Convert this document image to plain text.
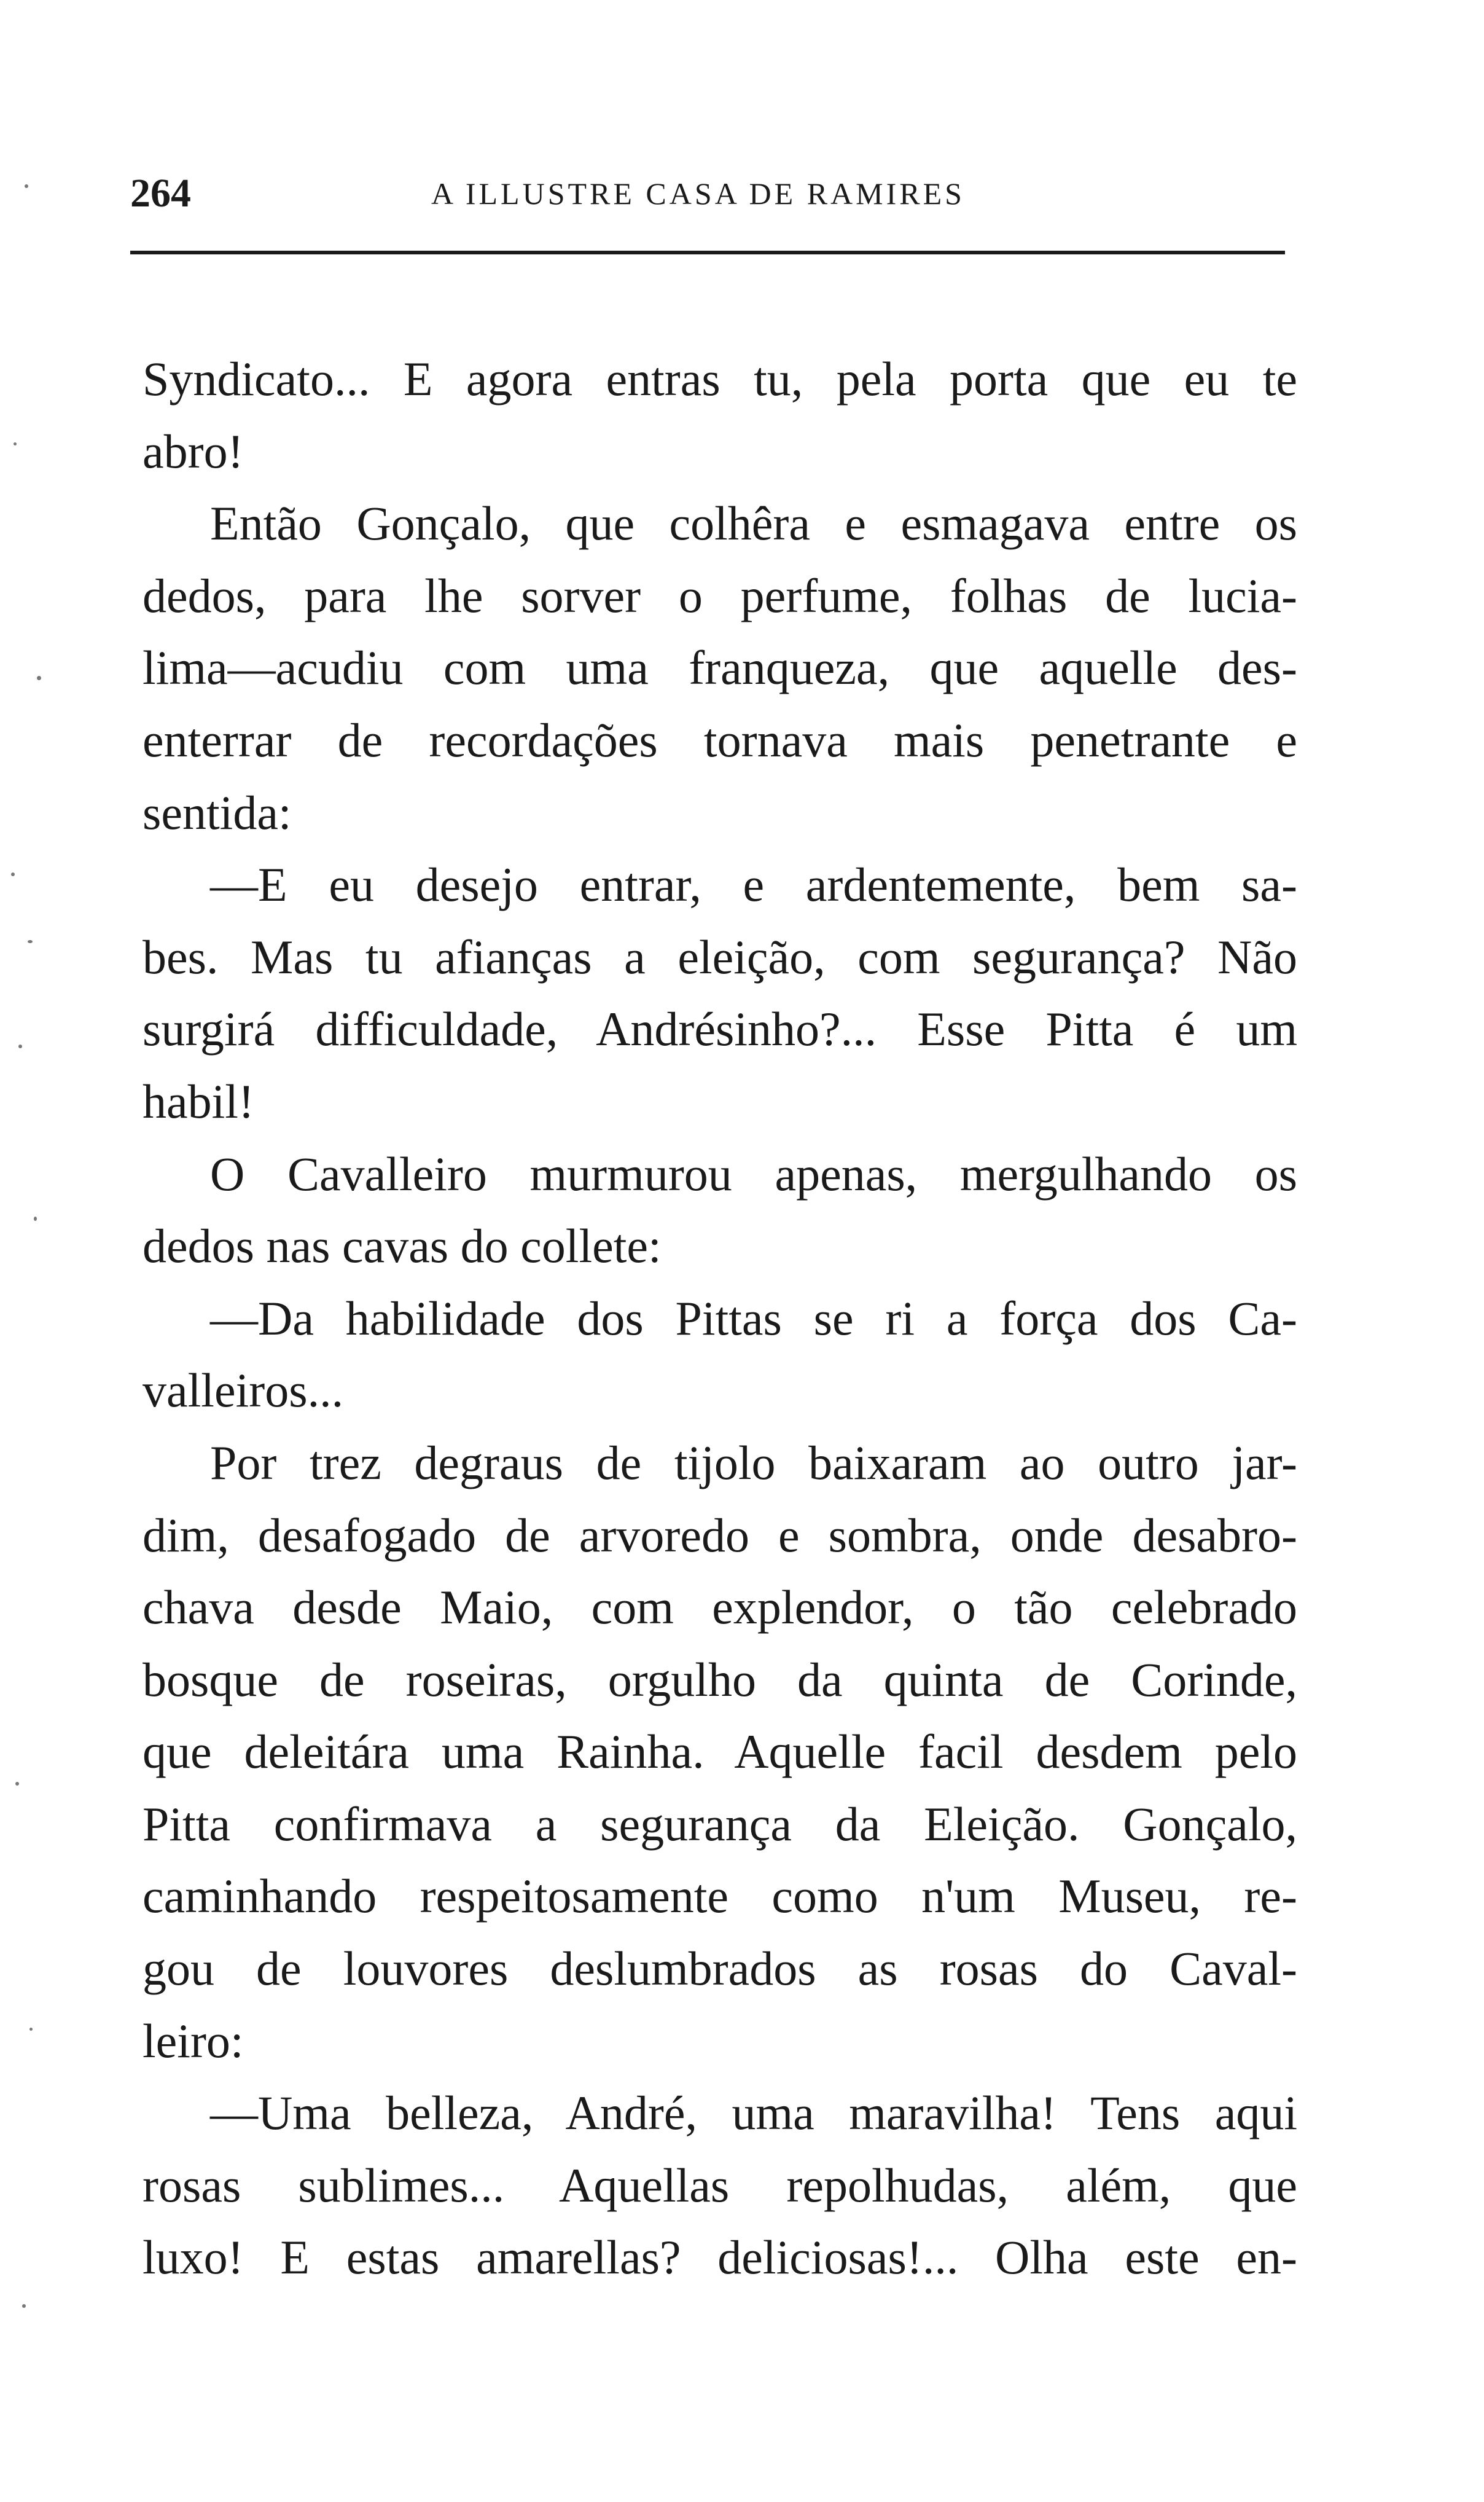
264	A ILLUSTRE CASA DE RAMIRES
Syndicato... E agora entras tu, pela porta que eu te
abro!
Então Gonçalo, que colhêra e esmagava entre os
dedos, para lhe sorver o perfume, folhas de lucia-
lima—acudiu com uma franqueza, que aquelle des-
enterrar de recordações tornava mais penetrante e
sentida:
—E eu desejo entrar, e ardentemente, bem sa-
bes. Mas tu afianças a eleição, com segurança? Não
surgirá difficuldade, Andrésinho?... Esse Pitta é um
habil!
O Cavalleiro murmurou apenas, mergulhando os
dedos nas cavas do collete:
—Da habilidade dos Pittas se ri a força dos Ca-
valleiros...
Por trez degraus de tijolo baixaram ao outro jar-
dim, desafogado de arvoredo e sombra, onde desabro-
chava desde Maio, com explendor, o tão celebrado
bosque de roseiras, orgulho da quinta de Corinde,
que deleitára uma Rainha. Aquelle facil desdem pelo
Pitta confirmava a segurança da Eleição. Gonçalo,
caminhando respeitosamente como n'um Museu, re-
gou de louvores deslumbrados as rosas do Caval-
leiro:
—Uma belleza, André, uma maravilha! Tens aqui
rosas sublimes... Aquellas repolhudas, além, que
luxo! E estas amarellas? deliciosas!... Olha este en-
